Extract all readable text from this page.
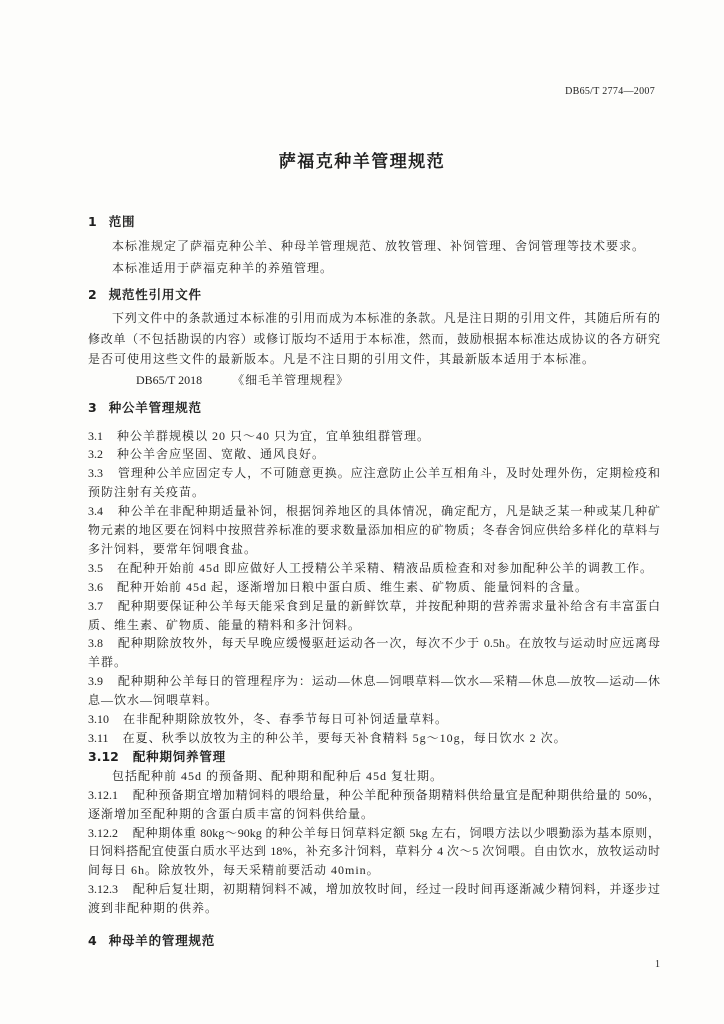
DB65/T 2774—2007
萨福克种羊管理规范
1 范围
本标准规定了萨福克种公羊、种母羊管理规范、放牧管理、补饲管理、舍饲管理等技术要求。
本标准适用于萨福克种羊的养殖管理。
2 规范性引用文件
下列文件中的条款通过本标准的引用而成为本标准的条款。凡是注日期的引用文件，其随后所有的
修改单（不包括勘误的内容）或修订版均不适用于本标准，然而，鼓励根据本标准达成协议的各方研究
是否可使用这些文件的最新版本。凡是不注日期的引用文件，其最新版本适用于本标准。
DB65/T 2018	《细毛羊管理规程》
3 种公羊管理规范
3.1 种公羊群规模以 20 只～40 只为宜，宜单独组群管理。
3.2 种公羊舍应坚固、宽敞、通风良好。
3.3 管理种公羊应固定专人，不可随意更换。应注意防止公羊互相角斗，及时处理外伤，定期检疫和
预防注射有关疫苗。
3.4 种公羊在非配种期适量补饲，根据饲养地区的具体情况，确定配方，凡是缺乏某一种或某几种矿
物元素的地区要在饲料中按照营养标准的要求数量添加相应的矿物质；冬春舍饲应供给多样化的草料与
多汁饲料，要常年饲喂食盐。
3.5 在配种开始前 45d 即应做好人工授精公羊采精、精液品质检查和对参加配种公羊的调教工作。
3.6 配种开始前 45d 起，逐渐增加日粮中蛋白质、维生素、矿物质、能量饲料的含量。
3.7 配种期要保证种公羊每天能采食到足量的新鲜饮草，并按配种期的营养需求量补给含有丰富蛋白
质、维生素、矿物质、能量的精料和多汁饲料。
3.8 配种期除放牧外，每天早晚应缓慢驱赶运动各一次，每次不少于 0.5h。在放牧与运动时应远离母
羊群。
3.9 配种期种公羊每日的管理程序为：运动—休息—饲喂草料—饮水—采精—休息—放牧—运动—休
息—饮水—饲喂草料。
3.10 在非配种期除放牧外，冬、春季节每日可补饲适量草料。
3.11 在夏、秋季以放牧为主的种公羊，要每天补食精料 5g～10g，每日饮水 2 次。
3.12 配种期饲养管理
包括配种前 45d 的预备期、配种期和配种后 45d 复壮期。
3.12.1 配种预备期宜增加精饲料的喂给量，种公羊配种预备期精料供给量宜是配种期供给量的 50%，
逐渐增加至配种期的含蛋白质丰富的饲料供给量。
3.12.2 配种期体重 80kg～90kg 的种公羊每日饲草料定额 5kg 左右，饲喂方法以少喂勤添为基本原则，
日饲料搭配宜使蛋白质水平达到 18%，补充多汁饲料，草料分 4 次～5 次饲喂。自由饮水，放牧运动时
间每日 6h。除放牧外，每天采精前要活动 40min。
3.12.3 配种后复壮期，初期精饲料不减，增加放牧时间，经过一段时间再逐渐减少精饲料，并逐步过
渡到非配种期的供养。
4 种母羊的管理规范
1
